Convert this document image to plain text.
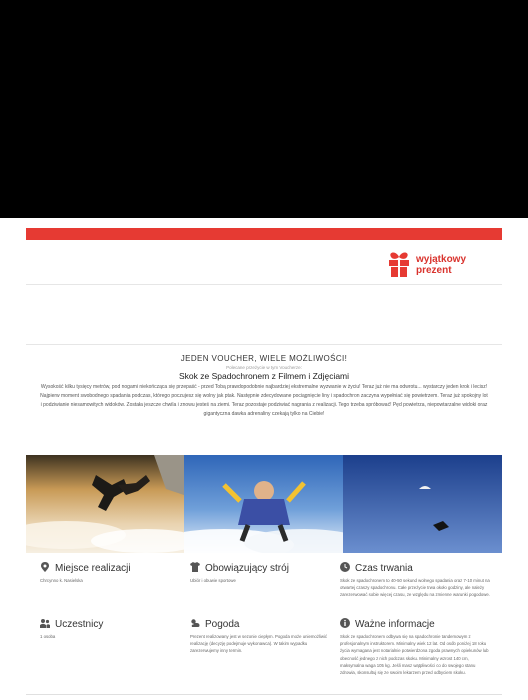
wyjątkowy
prezent
JEDEN VOUCHER, WIELE MOŻLIWOŚCI!
Polecane przeżycie w tym Voucherze:
Skok ze Spadochronem z Filmem i Zdjęciami
Wysokość kilku tysięcy metrów, pod nogami niekończąca się przepaść - przed Tobą prawdopodobnie najbardziej ekstremalne wyzwanie w życiu! Teraz już nie ma odwrotu... wystarczy jeden krok i lecisz! Najpierw moment swobodnego spadania podczas, którego poczujesz się wolny jak ptak. Następnie zdecydowane pociągnięcie liny i spadochron zaczyna wypełniać się powietrzem. Teraz już spokojny lot i podziwianie niesamowitych widoków. Została jeszcze chwila i znowu jesteś na ziemi. Teraz pozostaje podziwiać nagrania z realizacji. Tego trzeba spróbować! Pęd powietrza, niepowtarzalne widoki oraz gigantyczna dawka adrenaliny czekają tylko na Ciebie!
Miejsce realizacji
Chrcynno k. Nasielska
Obowiązujący strój
Ubiór i obuwie sportowe
Czas trwania
Skok ze spadochronem to 40-50 sekund wolnego spadania oraz 7-10 minut na otwartej czaszy spadochronu. Całe przeżycie trwa około godziny, ale należy zarezerwować sobie więcej czasu, ze względu na zmienne warunki pogodowe.
Uczestnicy
1 osoba
Pogoda
Prezent realizowany jest w sezonie ciepłym. Pogoda może uniemożliwić realizację (decyzję podejmuje wykonawca). W takim wypadku zarezerwujemy inny termin.
Ważne informacje
Skok ze spadochronem odbywa się na spadochronie tandemowym z profesjonalnym instruktorem. Minimalny wiek 12 lat. Od osób poniżej 18 roku życia wymagana jest notarialnie potwierdzona zgoda prawnych opiekunów lub obecność jednego z nich podczas skoku. Minimalny wzrost 140 cm, maksymalna waga 105 kg. Jeśli masz wątpliwości co do swojego stanu zdrowia, skonsultuj się ze swoim lekarzem przed odbyciem skoku.
